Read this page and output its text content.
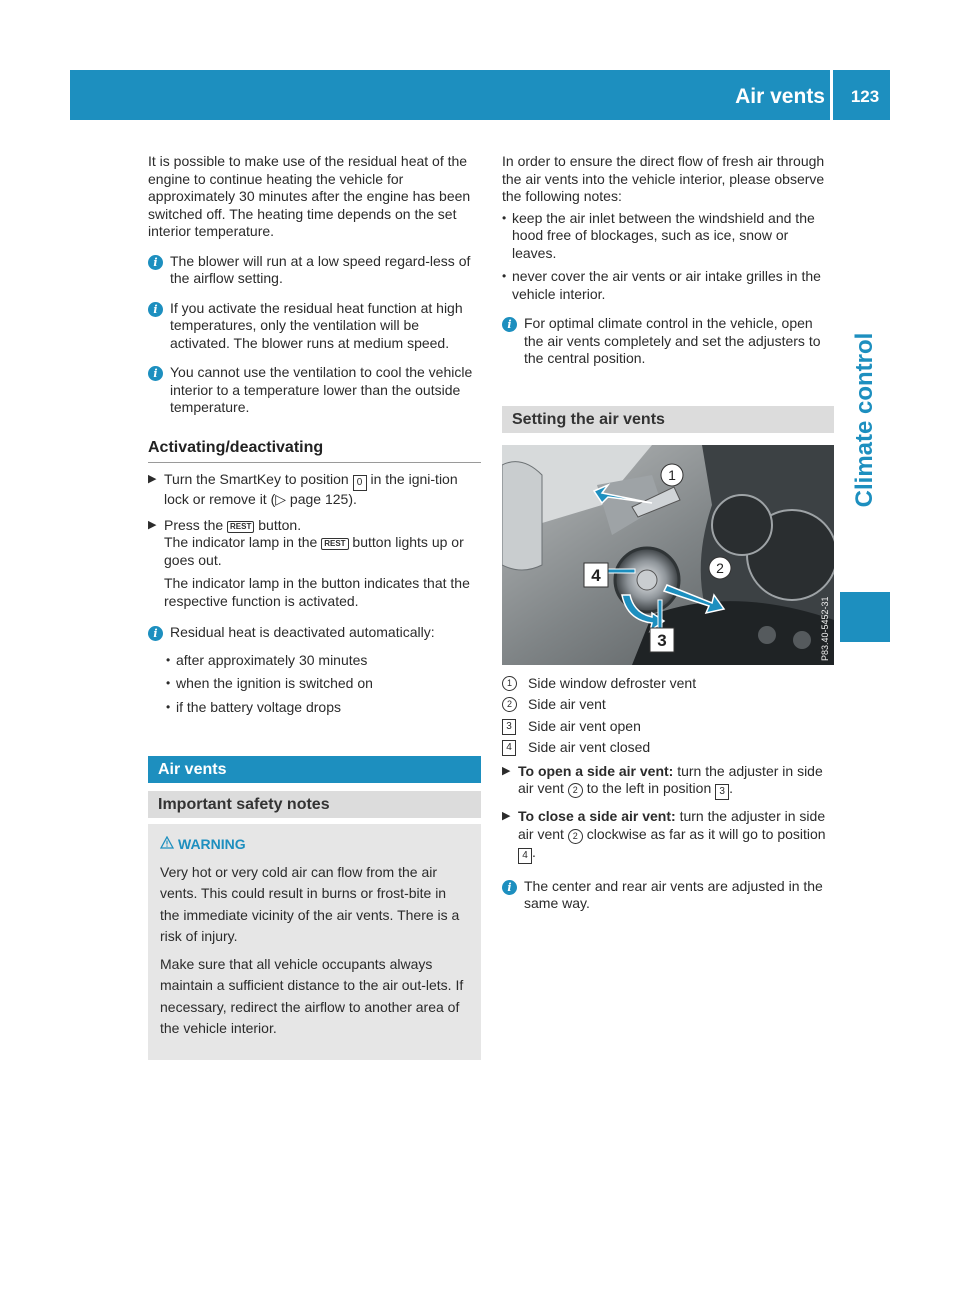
Air vents	123
Climate control

It is possible to make use of the residual heat of the engine to continue heating the vehicle for approximately 30 minutes after the engine has been switched off. The heating time depends on the set interior temperature.

i The blower will run at a low speed regard-less of the airflow setting.
i If you activate the residual heat function at high temperatures, only the ventilation will be activated. The blower runs at medium speed.
i You cannot use the ventilation to cool the vehicle interior to a temperature lower than the outside temperature.
Activating/deactivating
▶ Turn the SmartKey to position 0 in the igni-tion lock or remove it (▷ page 125).
▶ Press the REST button.
The indicator lamp in the REST button lights up or goes out.
The indicator lamp in the button indicates that the respective function is activated.
i Residual heat is deactivated automatically:
• after approximately 30 minutes
• when the ignition is switched on
• if the battery voltage drops
Air vents
Important safety notes
WARNING

Very hot or very cold air can flow from the air vents. This could result in burns or frost-bite in the immediate vicinity of the air vents. There is a risk of injury.

Make sure that all vehicle occupants always maintain a sufficient distance to the air out-lets. If necessary, redirect the airflow to another area of the vehicle interior.

In order to ensure the direct flow of fresh air through the air vents into the vehicle interior, please observe the following notes:

• keep the air inlet between the windshield and the hood free of blockages, such as ice, snow or leaves.
• never cover the air vents or air intake grilles in the vehicle interior.
i For optimal climate control in the vehicle, open the air vents completely and set the adjusters to the central position.
Setting the air vents
1
2
3
4
P83.40-5452-31
1	Side window defroster vent
2	Side air vent
3	Side air vent open
4	Side air vent closed
▶ To open a side air vent: turn the adjuster in side air vent 2 to the left in position 3 .
▶ To close a side air vent: turn the adjuster in side air vent 2 clockwise as far as it will go to position 4 .
i The center and rear air vents are adjusted in the same way.
